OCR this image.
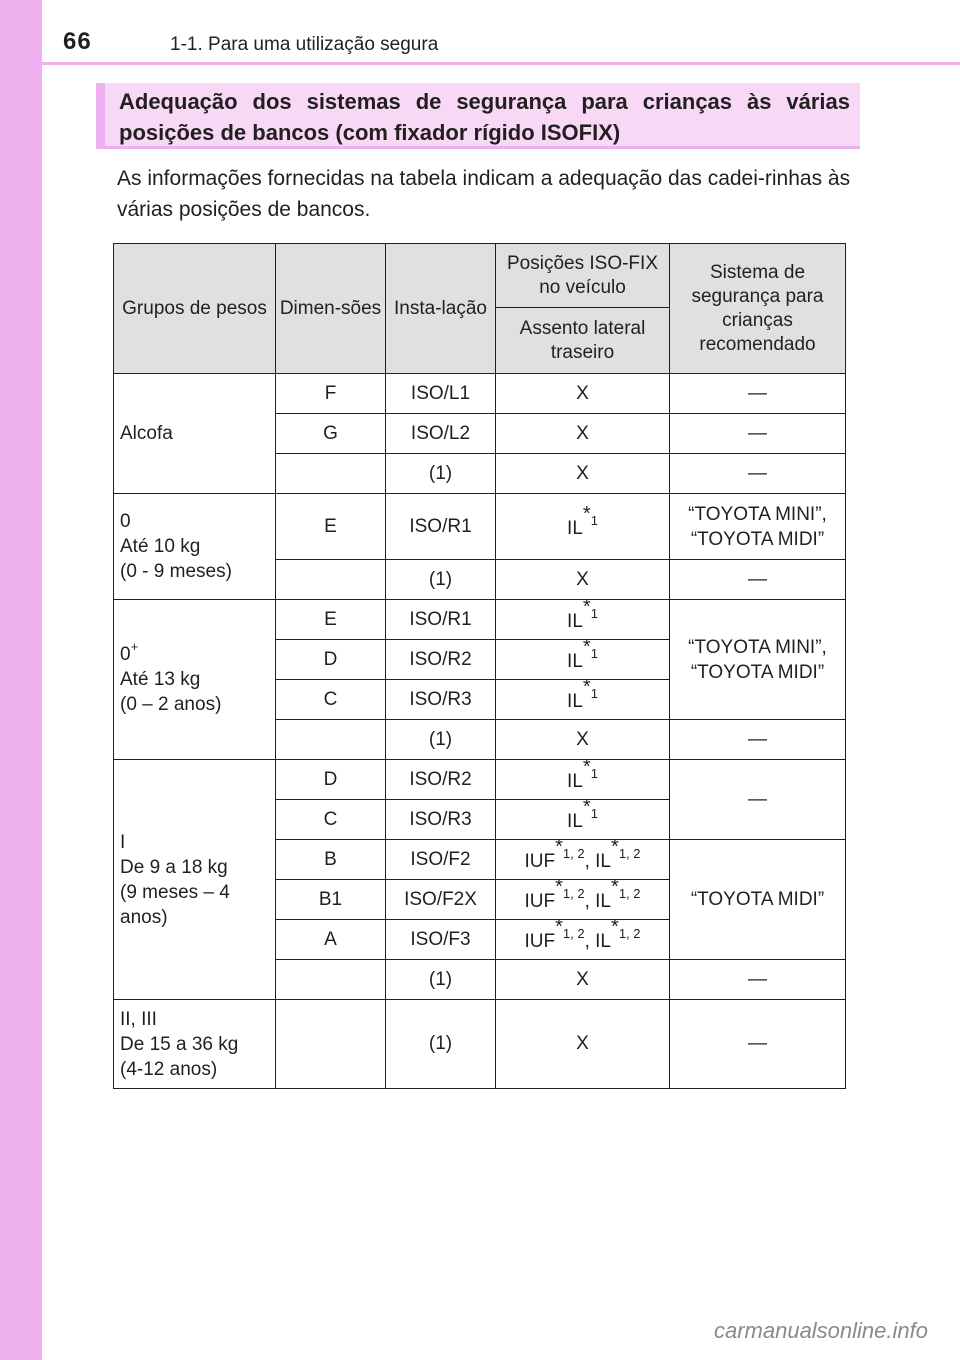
66	1-1. Para uma utilização segura

Adequação dos sistemas de segurança para crianças às várias posições de bancos (com fixador rígido ISOFIX)

As informações fornecidas na tabela indicam a adequação das cadei-rinhas às várias posições de bancos.

Grupos de pesos	Dimen-sões	Insta-lação	Posições ISO-FIX no veículo	Sistema de segurança para crianças recomendado
			Assento lateral traseiro	
Alcofa	F	ISO/L1	X	—
	G	ISO/L2	X	—
		(1)	X	—
0
Até 10 kg
(0 - 9 meses)	E	ISO/R1	IL$^{*1}$	“TOYOTA MINI”,
“TOYOTA MIDI”
		(1)	X	—
0+
Até 13 kg
(0 – 2 anos)	E	ISO/R1	IL$^{*1}$	“TOYOTA MINI”,
“TOYOTA MIDI”
	D	ISO/R2	IL$^{*1}$
	C	ISO/R3	IL$^{*1}$
		(1)	X	—
I
De 9 a 18 kg
(9 meses – 4 anos)	D	ISO/R2	IL$^{*1}$	—
	C	ISO/R3	IL$^{*1}$
	B	ISO/F2	IUF$^{*1, 2}$, IL$^{*1, 2}$	“TOYOTA MIDI”
	B1	ISO/F2X	IUF$^{*1, 2}$, IL$^{*1, 2}$
	A	ISO/F3	IUF$^{*1, 2}$, IL$^{*1, 2}$
		(1)	X	—
II, III
De 15 a 36 kg
(4-12 anos)		(1)	X	—
carmanualsonline.info
